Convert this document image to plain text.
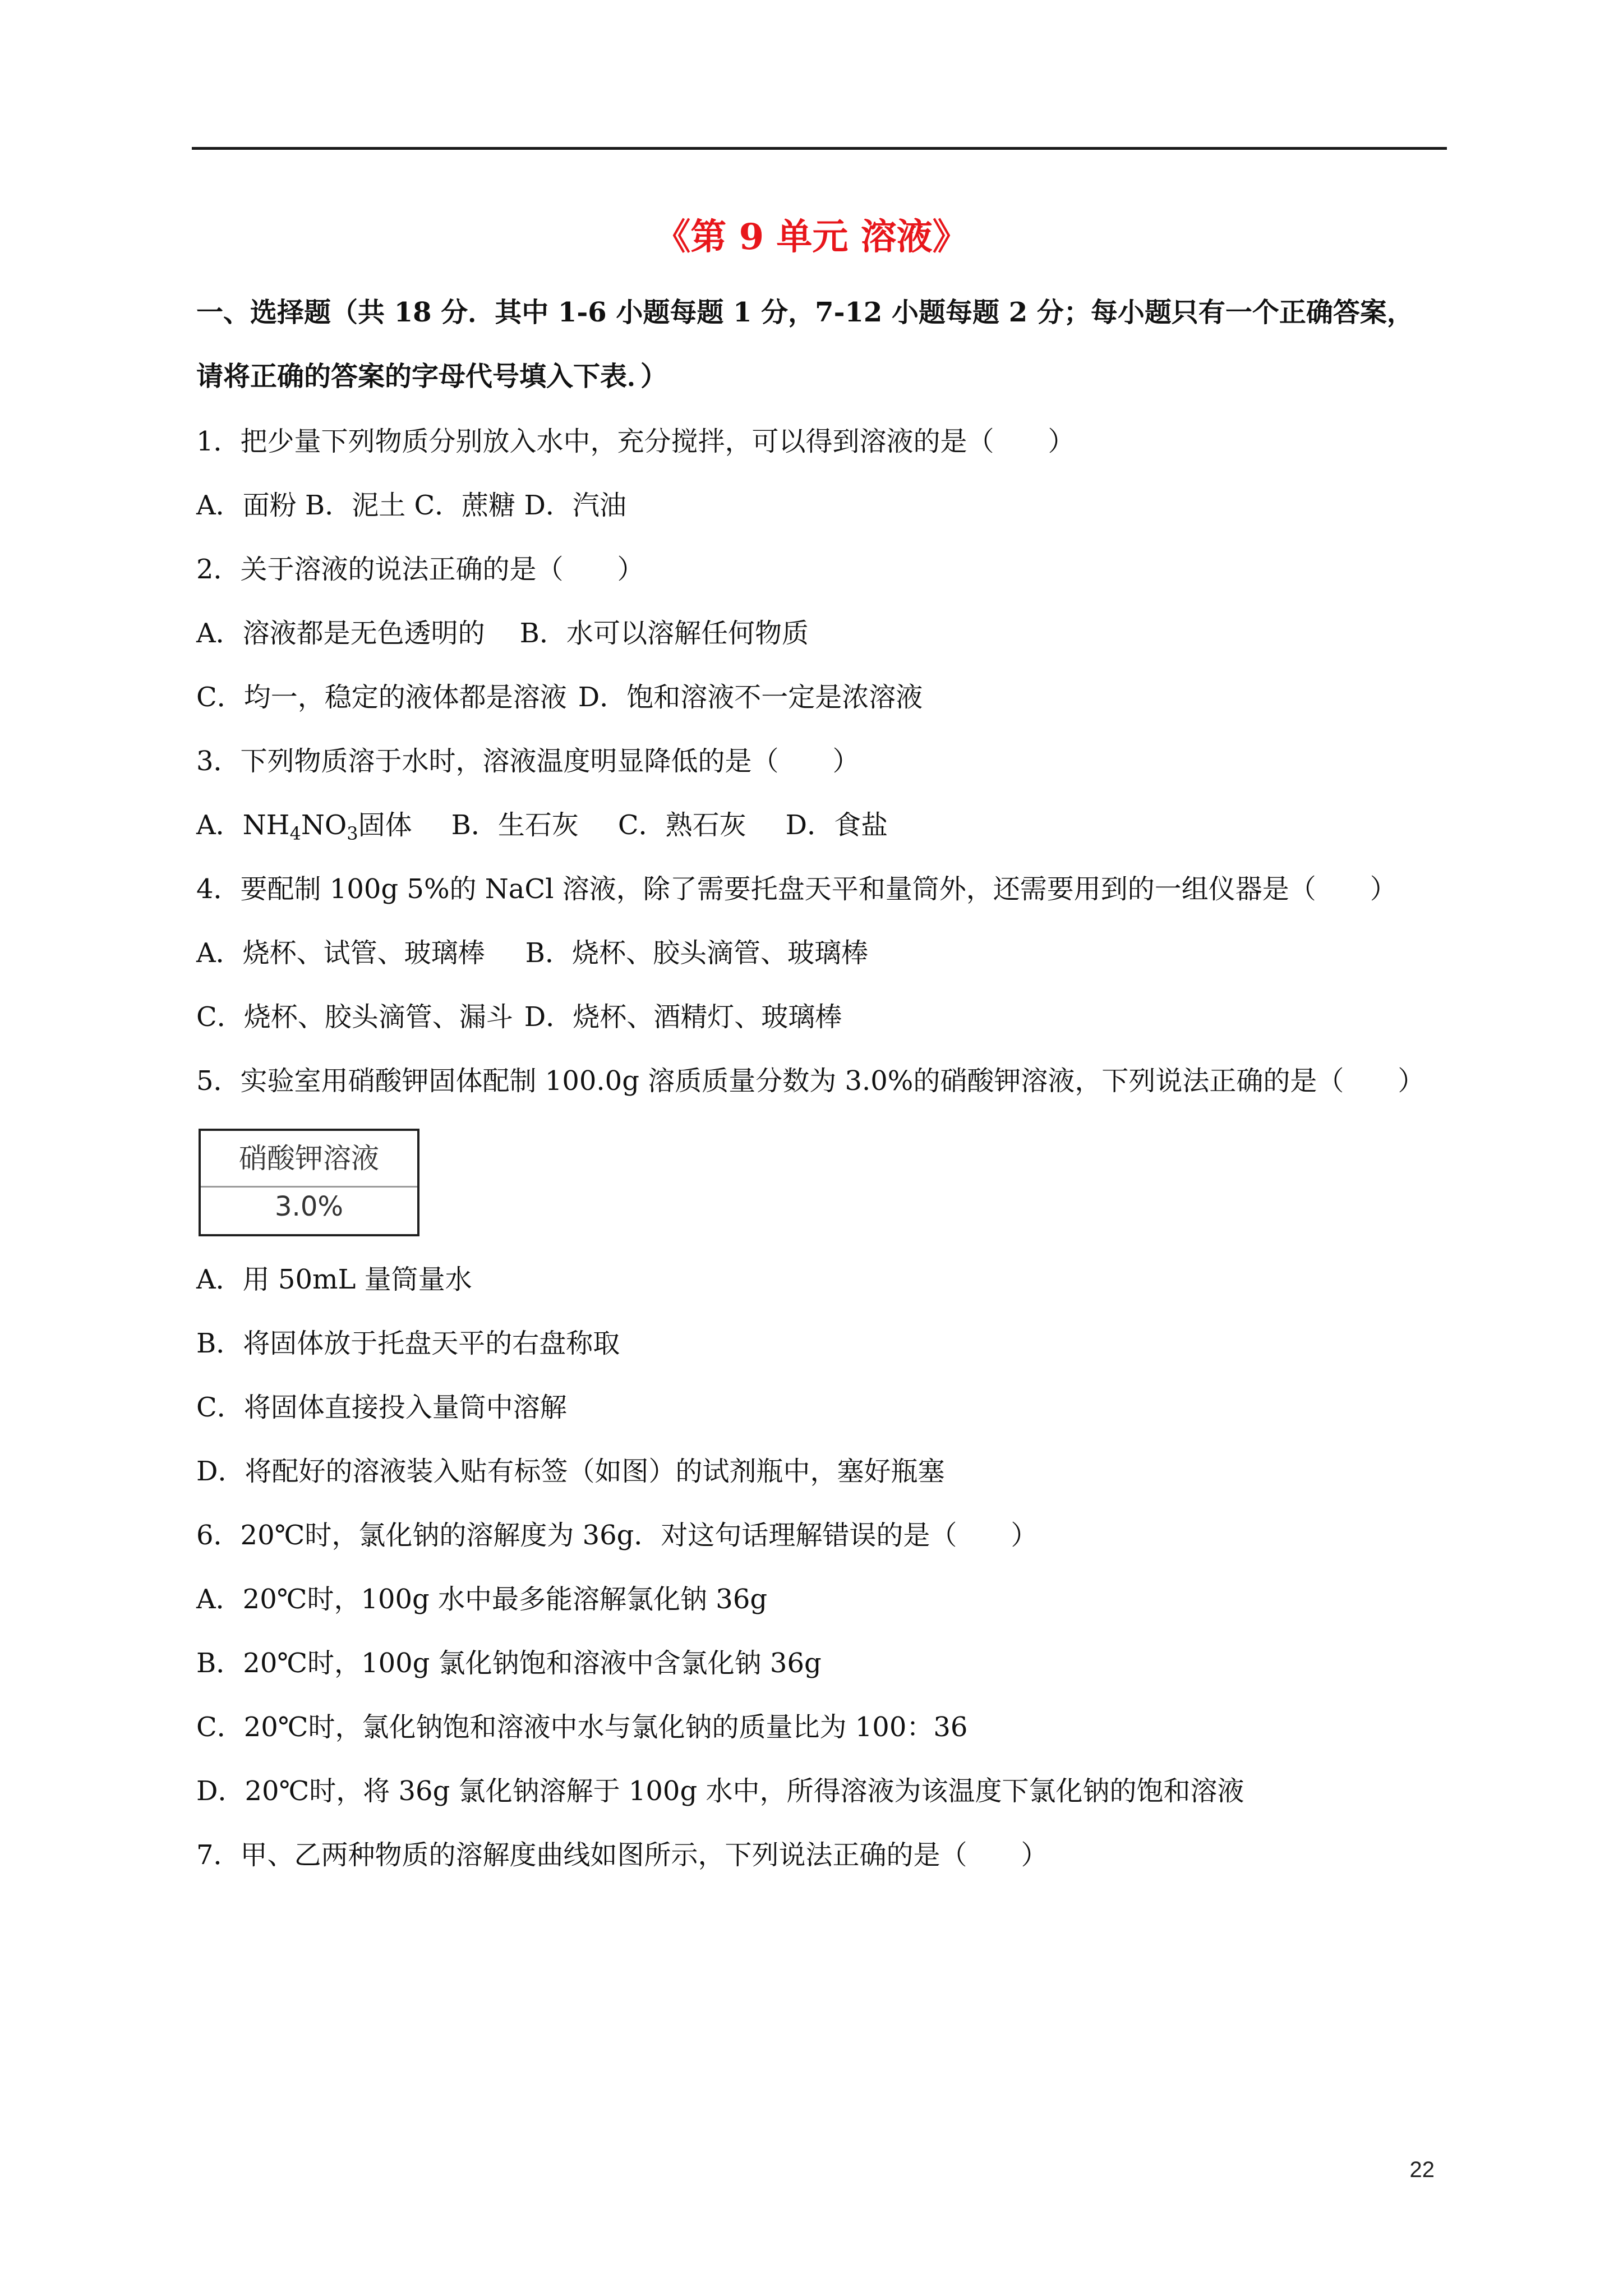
《第 9 单元 溶液》
一、选择题（共 18 分．其中 1-6 小题每题 1 分，7-12 小题每题 2 分；每小题只有一个正确答案，
请将正确的答案的字母代号填入下表．）
1．把少量下列物质分别放入水中，充分搅拌，可以得到溶液的是（　　）
A．面粉 B．泥土 C．蔗糖 D．汽油
2．关于溶液的说法正确的是（　　）
A．溶液都是无色透明的 B．水可以溶解任何物质
C．均一，稳定的液体都是溶液 D．饱和溶液不一定是浓溶液
3．下列物质溶于水时，溶液温度明显降低的是（　　）
A．$NH_4NO_3$固体 B．生石灰 C．熟石灰 D．食盐
4．要配制 100g 5%的 NaCl 溶液，除了需要托盘天平和量筒外，还需要用到的一组仪器是（　　）
A．烧杯、试管、玻璃棒 B．烧杯、胶头滴管、玻璃棒
C．烧杯、胶头滴管、漏斗 D．烧杯、酒精灯、玻璃棒
5．实验室用硝酸钾固体配制 100.0g 溶质质量分数为 3.0%的硝酸钾溶液，下列说法正确的是（　　）
硝酸钾溶液
3.0%
A．用 50mL 量筒量水
B．将固体放于托盘天平的右盘称取
C．将固体直接投入量筒中溶解
D．将配好的溶液装入贴有标签（如图）的试剂瓶中，塞好瓶塞
6．20℃时，氯化钠的溶解度为 36g．对这句话理解错误的是（　　）
A．20℃时，100g 水中最多能溶解氯化钠 36g
B．20℃时，100g 氯化钠饱和溶液中含氯化钠 36g
C．20℃时，氯化钠饱和溶液中水与氯化钠的质量比为 100：36
D．20℃时，将 36g 氯化钠溶解于 100g 水中，所得溶液为该温度下氯化钠的饱和溶液
7．甲、乙两种物质的溶解度曲线如图所示，下列说法正确的是（　　）
22
